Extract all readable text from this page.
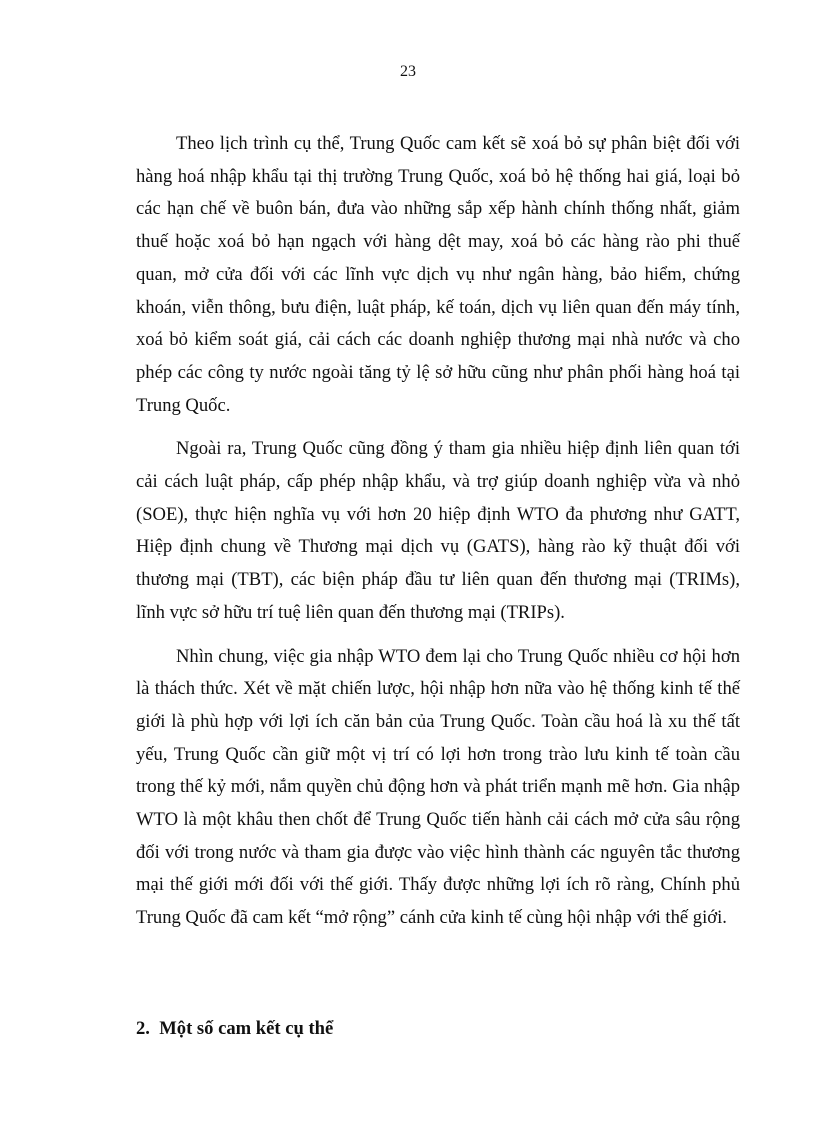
23

Theo lịch trình cụ thể, Trung Quốc cam kết sẽ xoá bỏ sự phân biệt đối với hàng hoá nhập khẩu tại thị trường Trung Quốc, xoá bỏ hệ thống hai giá, loại bỏ các hạn chế về buôn bán, đưa vào những sắp xếp hành chính thống nhất, giảm thuế hoặc xoá bỏ hạn ngạch với hàng dệt may, xoá bỏ các hàng rào phi thuế quan, mở cửa đối với các lĩnh vực dịch vụ như ngân hàng, bảo hiểm, chứng khoán, viễn thông, bưu điện, luật pháp, kế toán, dịch vụ liên quan đến máy tính, xoá bỏ kiểm soát giá, cải cách các doanh nghiệp thương mại nhà nước và cho phép các công ty nước ngoài tăng tỷ lệ sở hữu cũng như phân phối hàng hoá tại Trung Quốc.

Ngoài ra, Trung Quốc cũng đồng ý tham gia nhiều hiệp định liên quan tới cải cách luật pháp, cấp phép nhập khẩu, và trợ giúp doanh nghiệp vừa và nhỏ (SOE), thực hiện nghĩa vụ với hơn 20 hiệp định WTO đa phương như GATT, Hiệp định chung về Thương mại dịch vụ (GATS), hàng rào kỹ thuật đối với thương mại (TBT), các biện pháp đầu tư liên quan đến thương mại (TRIMs), lĩnh vực sở hữu trí tuệ liên quan đến thương mại (TRIPs).

Nhìn chung, việc gia nhập WTO đem lại cho Trung Quốc nhiều cơ hội hơn là thách thức. Xét về mặt chiến lược, hội nhập hơn nữa vào hệ thống kinh tế thế giới là phù hợp với lợi ích căn bản của Trung Quốc. Toàn cầu hoá là xu thế tất yếu, Trung Quốc cần giữ một vị trí có lợi hơn trong trào lưu kinh tế toàn cầu trong thế kỷ mới, nắm quyền chủ động hơn và phát triển mạnh mẽ hơn. Gia nhập WTO là một khâu then chốt để Trung Quốc tiến hành cải cách mở cửa sâu rộng đối với trong nước và tham gia được vào việc hình thành các nguyên tắc thương mại thế giới mới đối với thế giới. Thấy được những lợi ích rõ ràng, Chính phủ Trung Quốc đã cam kết “mở rộng” cánh cửa kinh tế cùng hội nhập với thế giới.

2.  Một số cam kết cụ thể
